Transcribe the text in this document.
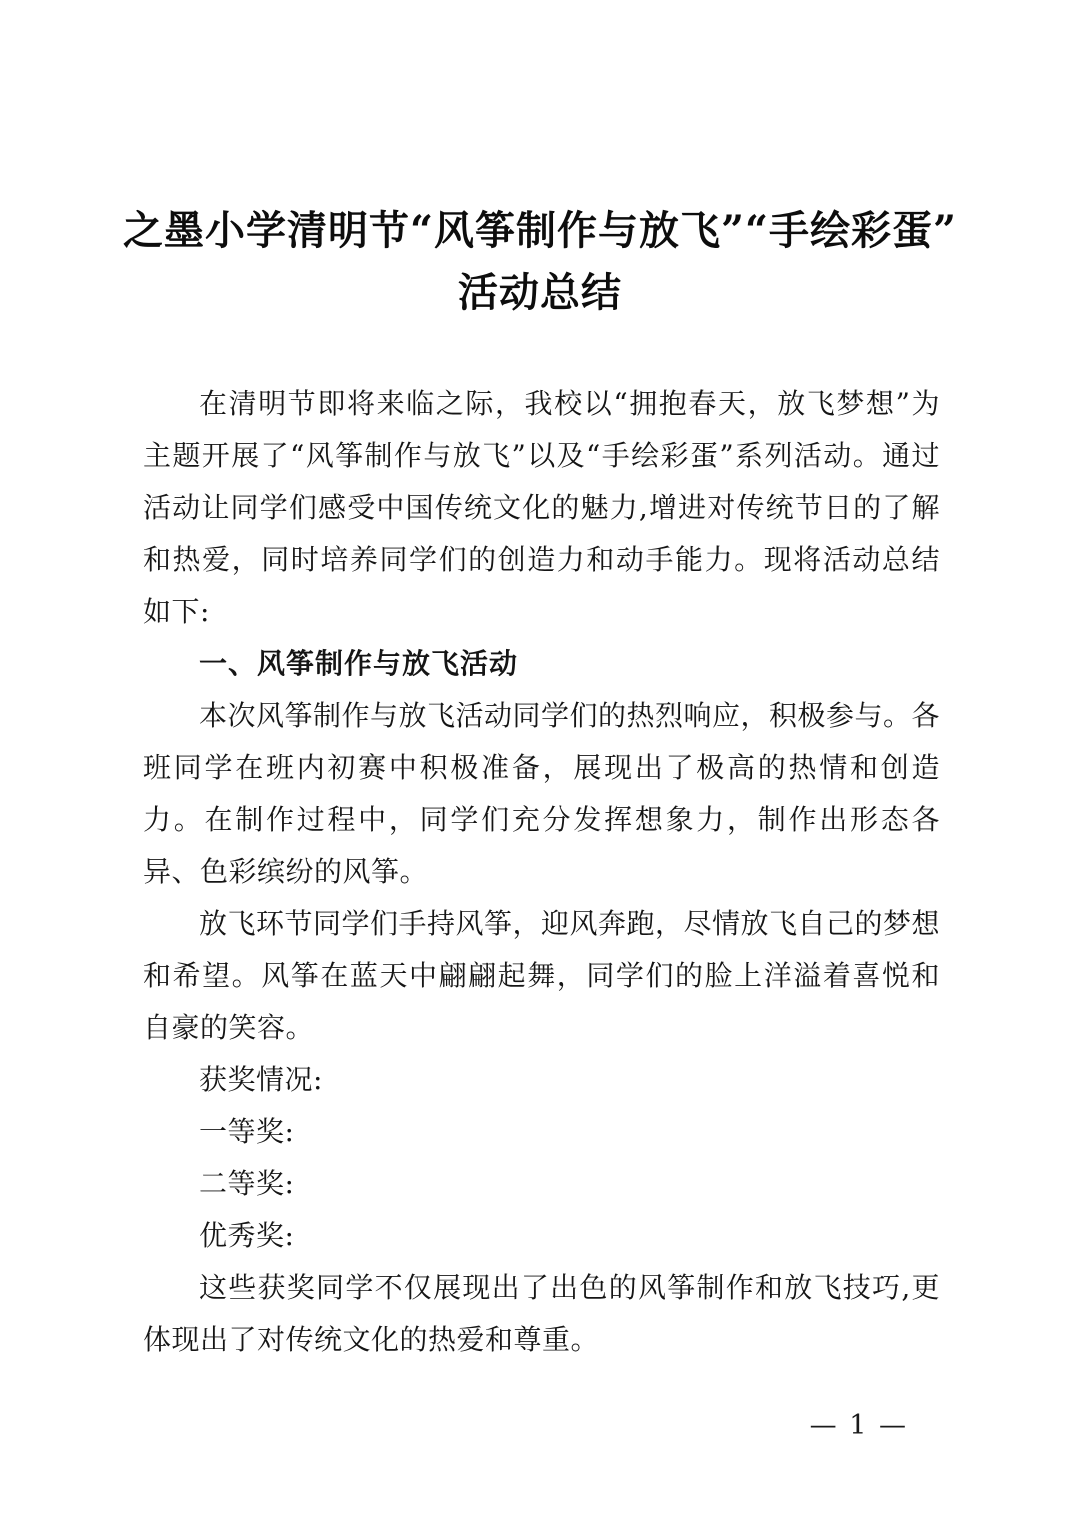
之墨小学清明节“风筝制作与放飞”“手绘彩蛋”活动总结

在清明节即将来临之际，我校以“拥抱春天，放飞梦想”为主题开展了“风筝制作与放飞”以及“手绘彩蛋”系列活动。通过活动让同学们感受中国传统文化的魅力,增进对传统节日的了解和热爱，同时培养同学们的创造力和动手能力。现将活动总结如下:

一、风筝制作与放飞活动

本次风筝制作与放飞活动同学们的热烈响应，积极参与。各班同学在班内初赛中积极准备，展现出了极高的热情和创造力。在制作过程中，同学们充分发挥想象力，制作出形态各异、色彩缤纷的风筝。

放飞环节同学们手持风筝，迎风奔跑，尽情放飞自己的梦想和希望。风筝在蓝天中翩翩起舞，同学们的脸上洋溢着喜悦和自豪的笑容。

获奖情况:

一等奖:

二等奖:

优秀奖:

这些获奖同学不仅展现出了出色的风筝制作和放飞技巧,更体现出了对传统文化的热爱和尊重。

— 1 —
